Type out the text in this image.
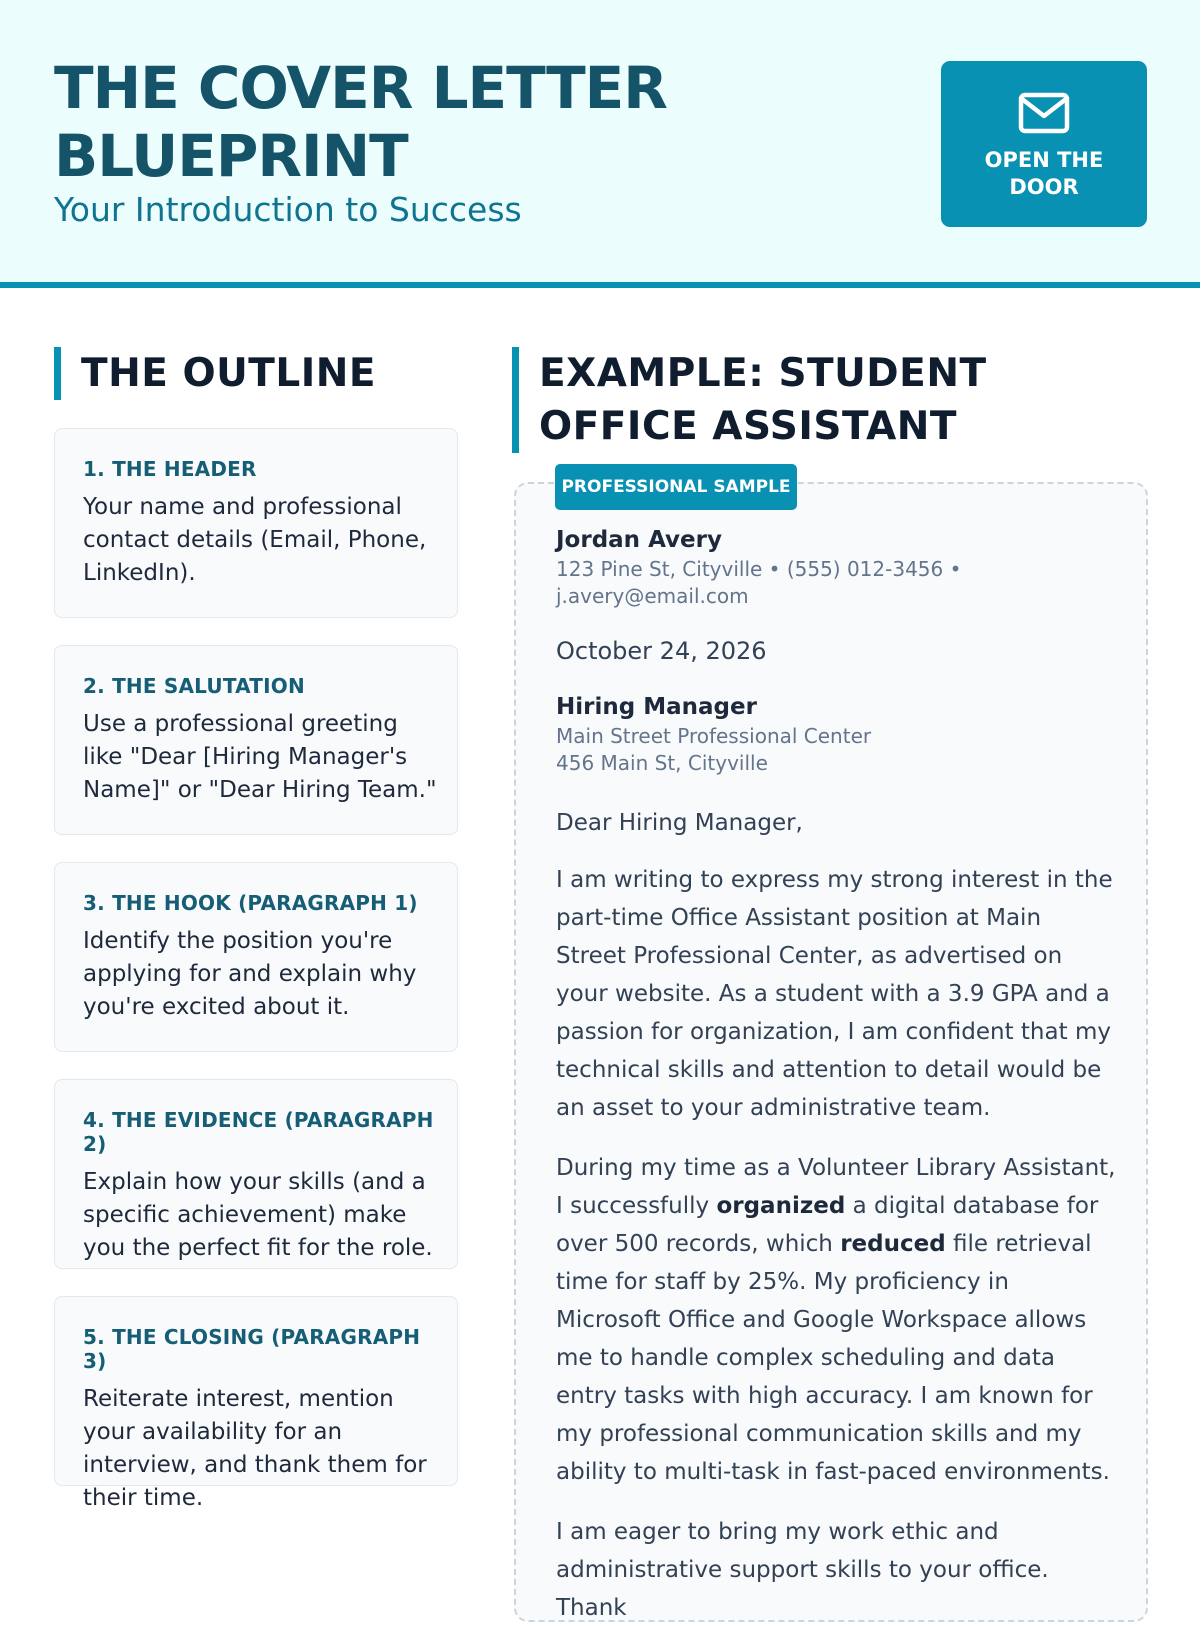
THE COVER LETTER
BLUEPRINT
Your Introduction to Success
OPEN THE DOOR
THE OUTLINE
1. THE HEADER
Your name and professional contact details (Email, Phone, LinkedIn).
2. THE SALUTATION
Use a professional greeting like "Dear [Hiring Manager's Name]" or "Dear Hiring Team."
3. THE HOOK (PARAGRAPH 1)
Identify the position you're applying for and explain why you're excited about it.
4. THE EVIDENCE (PARAGRAPH 2)
Explain how your skills (and a specific achievement) make you the perfect fit for the role.
5. THE CLOSING (PARAGRAPH 3)
Reiterate interest, mention your availability for an interview, and thank them for their time.
EXAMPLE: STUDENT OFFICE ASSISTANT
PROFESSIONAL SAMPLE
Jordan Avery
123 Pine St, Cityville • (555) 012-3456 • j.avery@email.com
October 24, 2026
Hiring Manager
Main Street Professional Center
456 Main St, Cityville
Dear Hiring Manager,
I am writing to express my strong interest in the part-time Office Assistant position at Main Street Professional Center, as advertised on your website. As a student with a 3.9 GPA and a passion for organization, I am confident that my technical skills and attention to detail would be an asset to your administrative team.
During my time as a Volunteer Library Assistant, I successfully organized a digital database for over 500 records, which reduced file retrieval time for staff by 25%. My proficiency in Microsoft Office and Google Workspace allows me to handle complex scheduling and data entry tasks with high accuracy. I am known for my professional communication skills and my ability to multi-task in fast-paced environments.
I am eager to bring my work ethic and administrative support skills to your office. Thank
